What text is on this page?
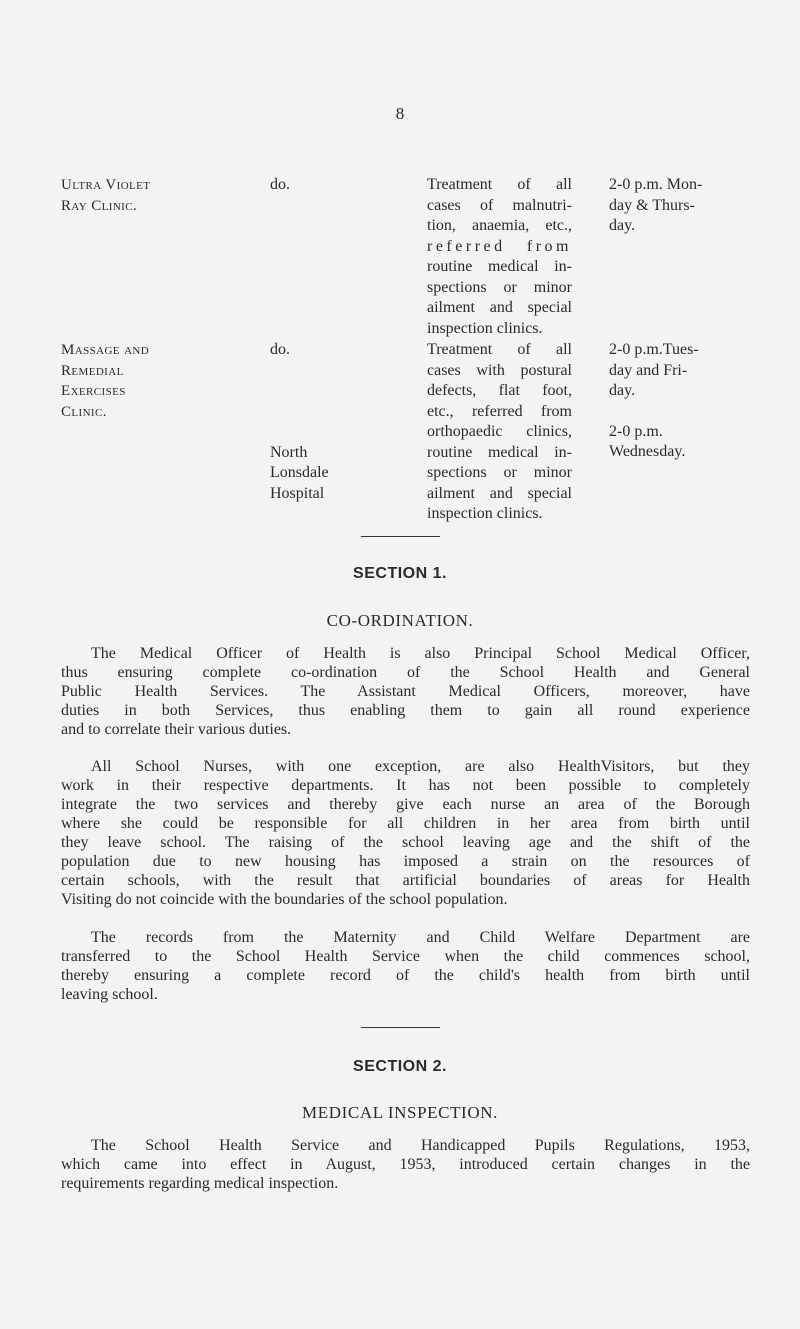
8
Ultra Violet
Ray Clinic.
do.	Treatment of all
cases of malnutri-
tion, anaemia, etc.,
referred from
routine medical in-
spections or minor
ailment and special
inspection clinics.
2-0 p.m. Mon-
day & Thurs-
day.
Massage and
Remedial
Exercises
Clinic.
do.
North
Lonsdale
Hospital
Treatment of all
cases with postural
defects, flat foot,
etc., referred from
orthopaedic clinics,
routine medical in-
spections or minor
ailment and special
inspection clinics.
2-0 p.m.Tues-
day and Fri-
day.
2-0 p.m.
Wednesday.
SECTION 1.
CO-ORDINATION.
The Medical Officer of Health is also Principal School Medical Officer,
thus ensuring complete co-ordination of the School Health and General
Public Health Services. The Assistant Medical Officers, moreover, have
duties in both Services, thus enabling them to gain all round experience
and to correlate their various duties.
All School Nurses, with one exception, are also HealthVisitors, but they
work in their respective departments. It has not been possible to completely
integrate the two services and thereby give each nurse an area of the Borough
where she could be responsible for all children in her area from birth until
they leave school. The raising of the school leaving age and the shift of the
population due to new housing has imposed a strain on the resources of
certain schools, with the result that artificial boundaries of areas for Health
Visiting do not coincide with the boundaries of the school population.
The records from the Maternity and Child Welfare Department are
transferred to the School Health Service when the child commences school,
thereby ensuring a complete record of the child's health from birth until
leaving school.
SECTION 2.
MEDICAL INSPECTION.
The School Health Service and Handicapped Pupils Regulations, 1953,
which came into effect in August, 1953, introduced certain changes in the
requirements regarding medical inspection.
